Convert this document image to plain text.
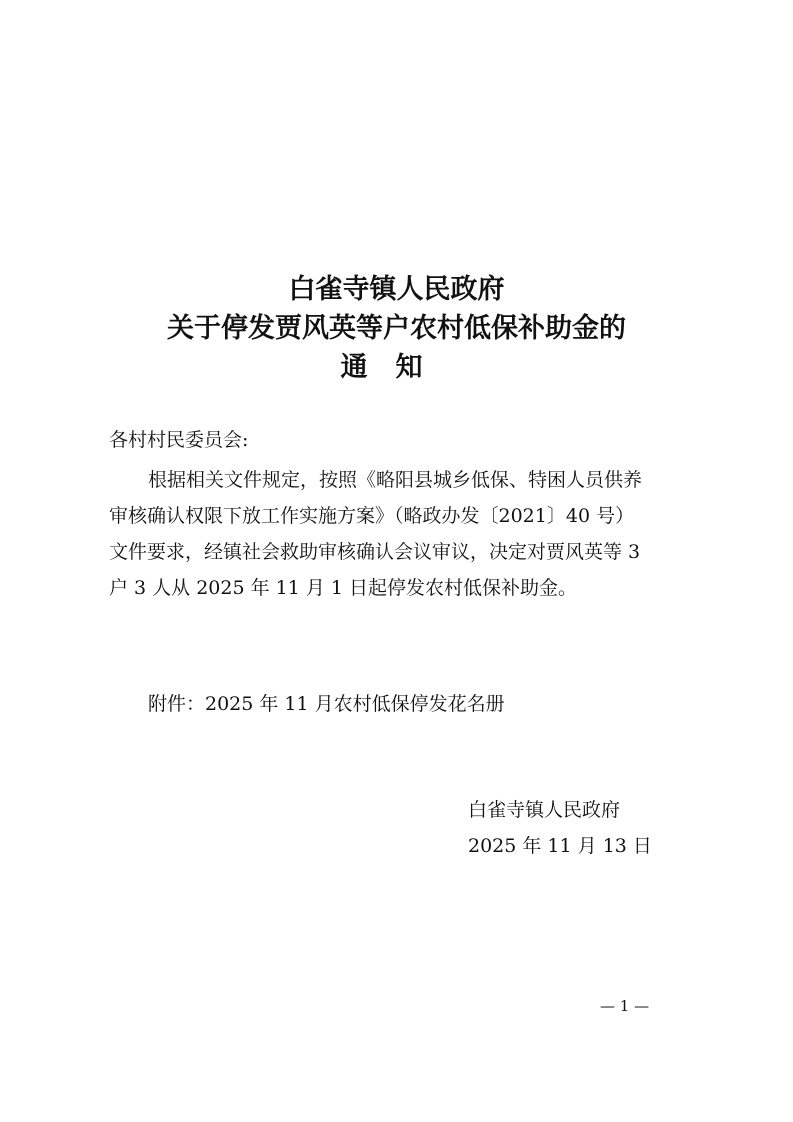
白雀寺镇人民政府
关于停发贾风英等户农村低保补助金的
通 知
各村村民委员会:
根据相关文件规定，按照《略阳县城乡低保、特困人员供养
审核确认权限下放工作实施方案》（略政办发〔2021〕40 号）
文件要求，经镇社会救助审核确认会议审议，决定对贾风英等 3
户 3 人从 2025 年 11 月 1 日起停发农村低保补助金。
附件：2025 年 11 月农村低保停发花名册
白雀寺镇人民政府
2025 年 11 月 13 日
— 1 —
